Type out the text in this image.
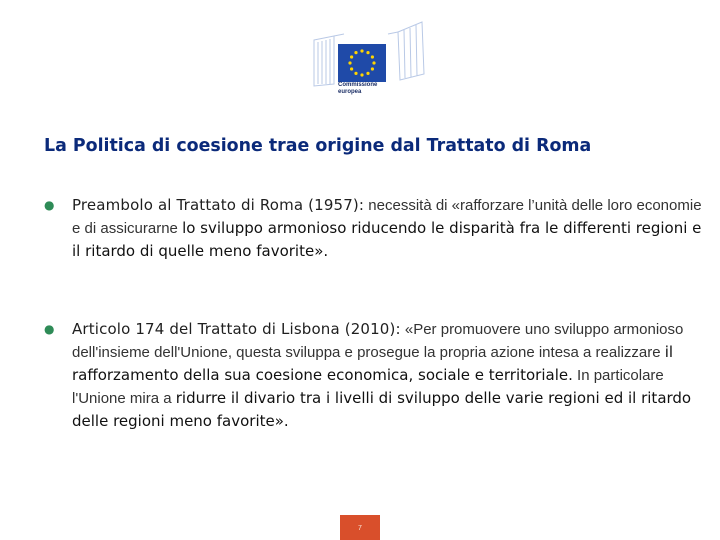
Commissione
europea
La Politica di coesione trae origine dal Trattato di Roma
● Preambolo al Trattato di Roma (1957): necessità di «rafforzare l’unità delle loro economie e di assicurarne lo sviluppo armonioso riducendo le disparità fra le differenti regioni e il ritardo di quelle meno favorite».

● Articolo 174 del Trattato di Lisbona (2010): «Per promuovere uno sviluppo armonioso dell'insieme dell'Unione, questa sviluppa e prosegue la propria azione intesa a realizzare il rafforzamento della sua coesione economica, sociale e territoriale. In particolare l'Unione mira a ridurre il divario tra i livelli di sviluppo delle varie regioni ed il ritardo delle regioni meno favorite».

7
